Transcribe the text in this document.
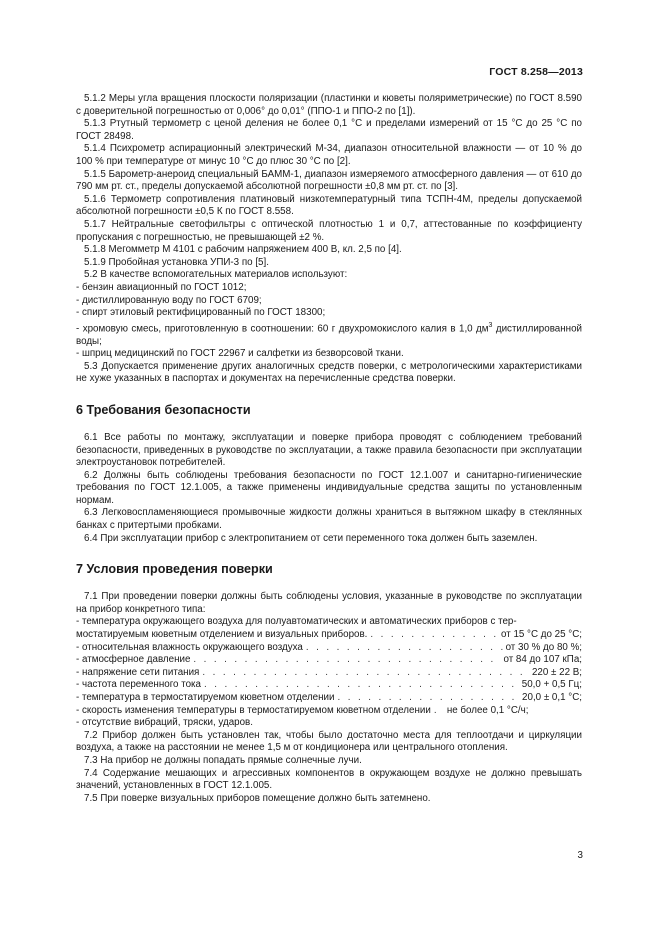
ГОСТ 8.258—2013
5.1.2 Меры угла вращения плоскости поляризации (пластинки и кюветы поляриметрические) по ГОСТ 8.590 с доверительной погрешностью от 0,006° до 0,01° (ППО-1 и ППО-2 по [1]).
5.1.3 Ртутный термометр с ценой деления не более 0,1 °С и пределами измерений от 15 °С до 25 °С по ГОСТ 28498.
5.1.4 Психрометр аспирационный электрический М-34, диапазон относительной влажности — от 10 % до 100 % при температуре от минус 10 °С до плюс 30 °С по [2].
5.1.5 Барометр-анероид специальный БАММ-1, диапазон измеряемого атмосферного давления — от 610 до 790 мм рт. ст., пределы допускаемой абсолютной погрешности ±0,8 мм рт. ст. по [3].
5.1.6 Термометр сопротивления платиновый низкотемпературный типа ТСПН-4М, пределы допускаемой абсолютной погрешности ±0,5 К по ГОСТ 8.558.
5.1.7 Нейтральные светофильтры с оптической плотностью 1 и 0,7, аттестованные по коэффициенту пропускания с погрешностью, не превышающей ±2 %.
5.1.8 Мегомметр М 4101 с рабочим напряжением 400 В, кл. 2,5 по [4].
5.1.9 Пробойная установка УПИ-3 по [5].
5.2 В качестве вспомогательных материалов используют:
- бензин авиационный по ГОСТ 1012;
- дистиллированную воду по ГОСТ 6709;
- спирт этиловый ректифицированный по ГОСТ 18300;
- хромовую смесь, приготовленную в соотношении: 60 г двухромокислого калия в 1,0 $дм^3$ дистиллированной воды;
- шприц медицинский по ГОСТ 22967 и салфетки из безворсовой ткани.
5.3 Допускается применение других аналогичных средств поверки, с метрологическими характеристиками не хуже указанных в паспортах и документах на перечисленные средства поверки.
6 Требования безопасности
6.1 Все работы по монтажу, эксплуатации и поверке прибора проводят с соблюдением требований безопасности, приведенных в руководстве по эксплуатации, а также правила безопасности при эксплуатации электроустановок потребителей.
6.2 Должны быть соблюдены требования безопасности по ГОСТ 12.1.007 и санитарно-гигиенические требования по ГОСТ 12.1.005, а также применены индивидуальные средства защиты по установленным нормам.
6.3 Легковоспламеняющиеся промывочные жидкости должны храниться в вытяжном шкафу в стеклянных банках с притертыми пробками.
6.4 При эксплуатации прибор с электропитанием от сети переменного тока должен быть заземлен.
7 Условия проведения поверки
7.1 При проведении поверки должны быть соблюдены условия, указанные в руководстве по эксплуатации на прибор конкретного типа:
- температура окружающего воздуха для полуавтоматических и автоматических приборов с тер-
мостатируемым кюветным отделением и визуальных приборов. . . .	от 15 °С до 25 °С;
- относительная влажность окружающего воздуха . . .	от 30 % до 80 %;
- атмосферное давление . . .	от 84 до 107 кПа;
- напряжение сети питания . . .	220 ± 22 В;
- частота переменного тока . . .	50,0 + 0,5 Гц;
- температура в термостатируемом кюветном отделении . . .	20,0 ± 0,1 °С;
- скорость изменения температуры в термостатируемом кюветном отделении . . . не более 0,1 °С/ч;
- отсутствие вибраций, тряски, ударов.
7.2 Прибор должен быть установлен так, чтобы было достаточно места для теплоотдачи и циркуляции воздуха, а также на расстоянии не менее 1,5 м от кондиционера или центрального отопления.
7.3 На прибор не должны попадать прямые солнечные лучи.
7.4 Содержание мешающих и агрессивных компонентов в окружающем воздухе не должно превышать значений, установленных в ГОСТ 12.1.005.
7.5 При поверке визуальных приборов помещение должно быть затемнено.
3
